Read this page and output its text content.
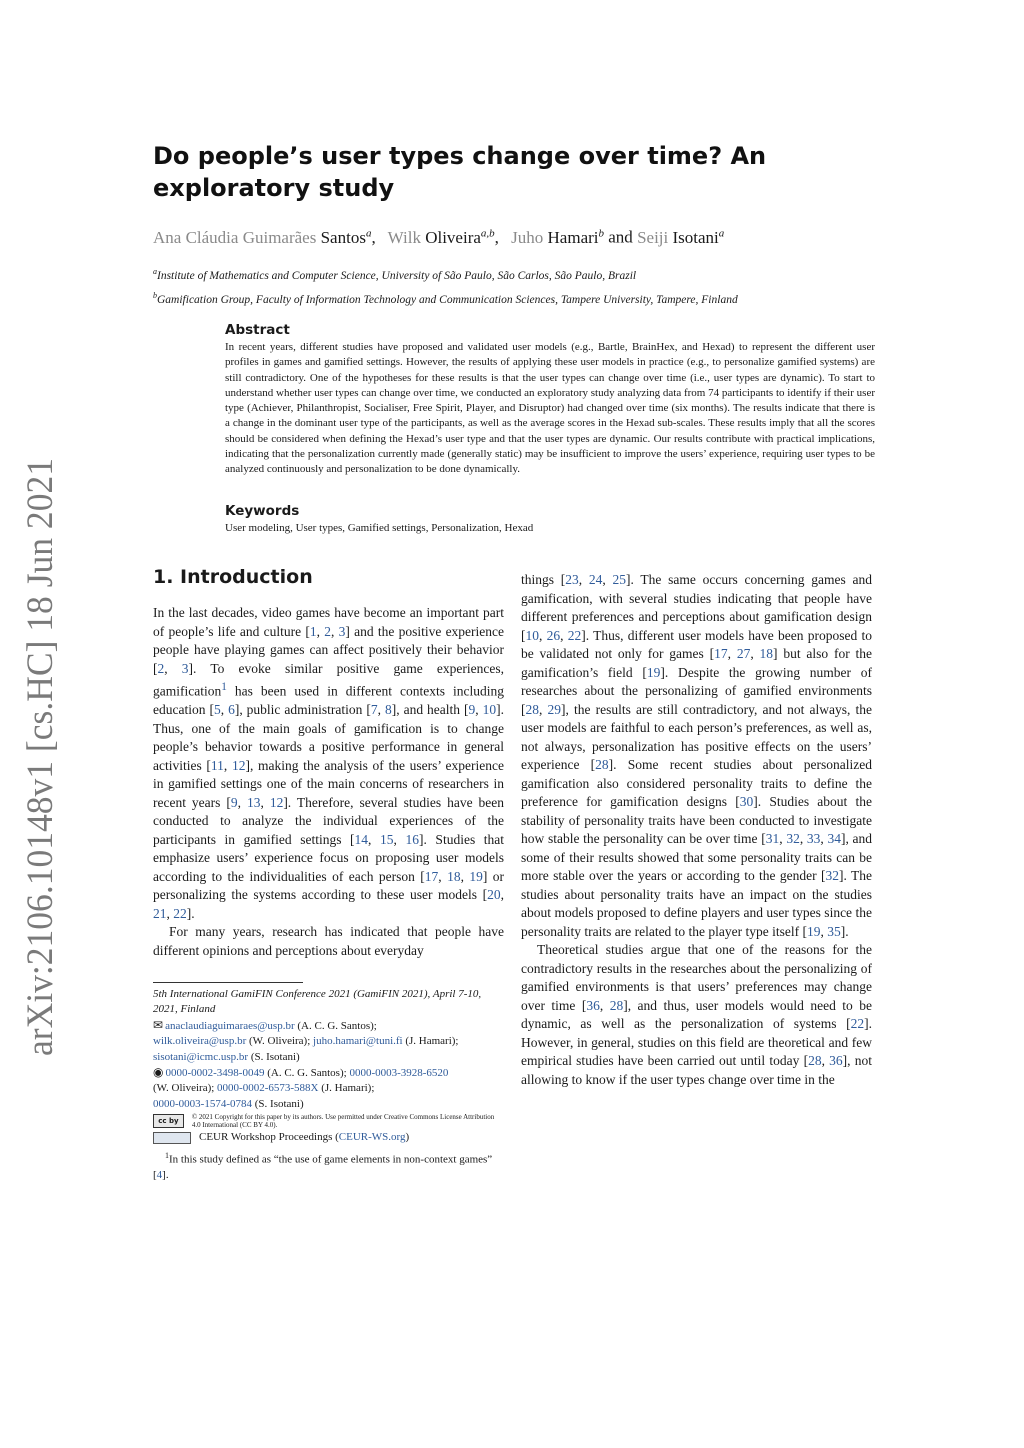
arXiv:2106.10148v1 [cs.HC] 18 Jun 2021
Do people’s user types change over time? An exploratory study
Ana Cláudia Guimarães Santos$^a$, Wilk Oliveira$^{a,b}$, Juho Hamari$^b$ and Seiji Isotani$^a$
$^a$Institute of Mathematics and Computer Science, University of São Paulo, São Carlos, São Paulo, Brazil
$^b$Gamification Group, Faculty of Information Technology and Communication Sciences, Tampere University, Tampere, Finland
Abstract

In recent years, different studies have proposed and validated user models (e.g., Bartle, BrainHex, and Hexad) to represent the different user profiles in games and gamified settings. However, the results of applying these user models in practice (e.g., to personalize gamified systems) are still contradictory. One of the hypotheses for these results is that the user types can change over time (i.e., user types are dynamic). To start to understand whether user types can change over time, we conducted an exploratory study analyzing data from 74 participants to identify if their user type (Achiever, Philanthropist, Socialiser, Free Spirit, Player, and Disruptor) had changed over time (six months). The results indicate that there is a change in the dominant user type of the participants, as well as the average scores in the Hexad sub-scales. These results imply that all the scores should be considered when defining the Hexad’s user type and that the user types are dynamic. Our results contribute with practical implications, indicating that the personalization currently made (generally static) may be insufficient to improve the users’ experience, requiring user types to be analyzed continuously and personalization to be done dynamically.

Keywords

User modeling, User types, Gamified settings, Personalization, Hexad

1. Introduction

In the last decades, video games have become an important part of people’s life and culture [1, 2, 3] and the positive experience people have playing games can affect positively their behavior [2, 3]. To evoke similar positive game experiences, gamification$^1$ has been used in different contexts including education [5, 6], public administration [7, 8], and health [9, 10]. Thus, one of the main goals of gamification is to change people’s behavior towards a positive performance in general activities [11, 12], making the analysis of the users’ experience in gamified settings one of the main concerns of researchers in recent years [9, 13, 12]. Therefore, several studies have been conducted to analyze the individual experiences of the participants in gamified settings [14, 15, 16]. Studies that emphasize users’ experience focus on proposing user models according to the individualities of each person [17, 18, 19] or personalizing the systems according to these user models [20, 21, 22].

For many years, research has indicated that people have different opinions and perceptions about everyday

things [23, 24, 25]. The same occurs concerning games and gamification, with several studies indicating that people have different preferences and perceptions about gamification design [10, 26, 22]. Thus, different user models have been proposed to be validated not only for games [17, 27, 18] but also for the gamification’s field [19]. Despite the growing number of researches about the personalizing of gamified environments [28, 29], the results are still contradictory, and not always, the user models are faithful to each person’s preferences, as well as, not always, personalization has positive effects on the users’ experience [28]. Some recent studies about personalized gamification also considered personality traits to define the preference for gamification designs [30]. Studies about the stability of personality traits have been conducted to investigate how stable the personality can be over time [31, 32, 33, 34], and some of their results showed that some personality traits can be more stable over the years or according to the gender [32]. The studies about personality traits have an impact on the studies about models proposed to define players and user types since the personality traits are related to the player type itself [19, 35].

Theoretical studies argue that one of the reasons for the contradictory results in the researches about the personalizing of gamified environments is that users’ preferences may change over time [36, 28], and thus, user models would need to be dynamic, as well as the personalization of systems [22]. However, in general, studies on this field are theoretical and few empirical studies have been carried out until today [28, 36], not allowing to know if the user types change over time in the

5th International GamiFIN Conference 2021 (GamiFIN 2021), April 7-10, 2021, Finland

✉ anaclaudiaguimaraes@usp.br (A. C. G. Santos);
wilk.oliveira@usp.br (W. Oliveira); juho.hamari@tuni.fi (J. Hamari);
sisotani@icmc.usp.br (S. Isotani)

◉ 0000-0002-3498-0049 (A. C. G. Santos); 0000-0003-3928-6520
(W. Oliveira); 0000-0002-6573-588X (J. Hamari);
0000-0003-1574-0784 (S. Isotani)

cc by	© 2021 Copyright for this paper by its authors. Use permitted under Creative Commons License Attribution 4.0 International (CC BY 4.0).
CEUR Workshop Proceedings (CEUR-WS.org)

$^1$In this study defined as “the use of game elements in non-context games” [4].
